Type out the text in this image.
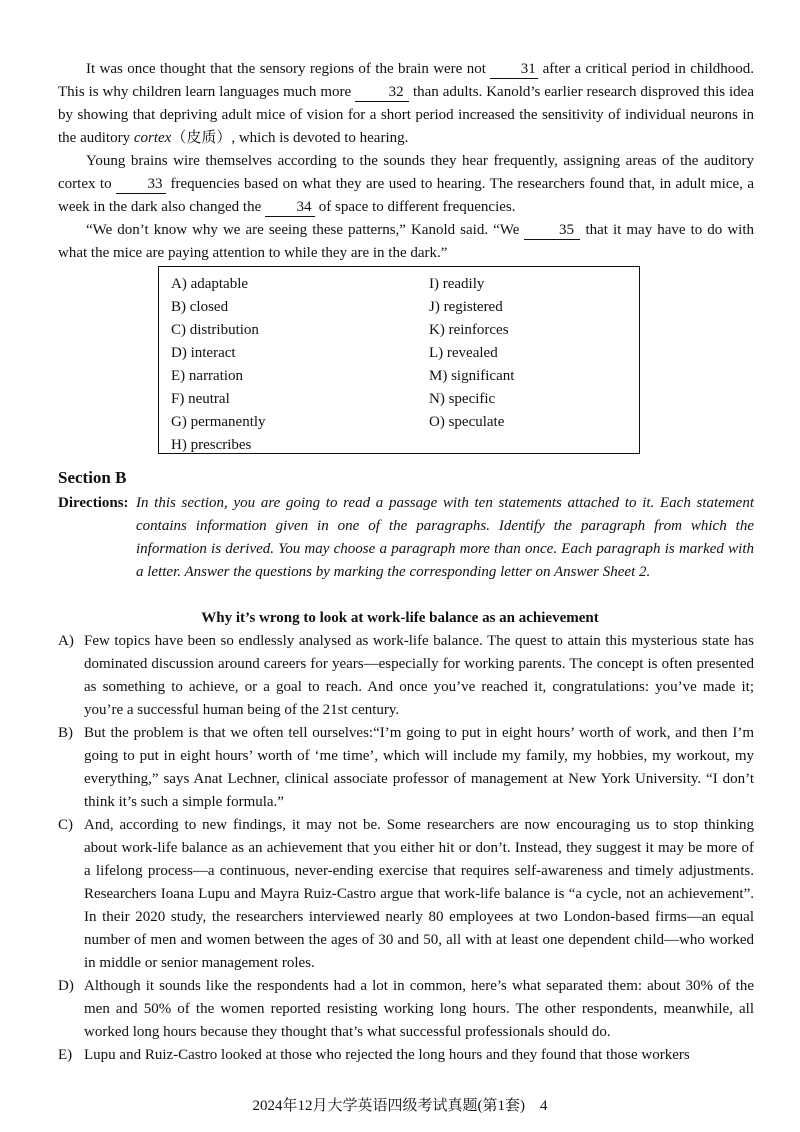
It was once thought that the sensory regions of the brain were not 31 after a critical period in childhood. This is why children learn languages much more 32 than adults. Kanold’s earlier research disproved this idea by showing that depriving adult mice of vision for a short period increased the sensitivity of individual neurons in the auditory cortex（皮质）, which is devoted to hearing.

Young brains wire themselves according to the sounds they hear frequently, assigning areas of the auditory cortex to 33 frequencies based on what they are used to hearing. The researchers found that, in adult mice, a week in the dark also changed the 34 of space to different frequencies.

“We don’t know why we are seeing these patterns,” Kanold said. “We 35 that it may have to do with what the mice are paying attention to while they are in the dark.”

A) adaptable
B) closed
C) distribution
D) interact
E) narration
F) neutral
G) permanently
H) prescribes
I) readily
J) registered
K) reinforces
L) revealed
M) significant
N) specific
O) speculate
Section B
Directions: In this section, you are going to read a passage with ten statements attached to it. Each statement contains information given in one of the paragraphs. Identify the paragraph from which the information is derived. You may choose a paragraph more than once. Each paragraph is marked with a letter. Answer the questions by marking the corresponding letter on Answer Sheet 2.
Why it’s wrong to look at work-life balance as an achievement
A) Few topics have been so endlessly analysed as work-life balance. The quest to attain this mysterious state has dominated discussion around careers for years—especially for working parents. The concept is often presented as something to achieve, or a goal to reach. And once you’ve reached it, congratulations: you’ve made it; you’re a successful human being of the 21st century.
B) But the problem is that we often tell ourselves:“I’m going to put in eight hours’ worth of work, and then I’m going to put in eight hours’ worth of ‘me time’, which will include my family, my hobbies, my workout, my everything,” says Anat Lechner, clinical associate professor of management at New York University. “I don’t think it’s such a simple formula.”
C) And, according to new findings, it may not be. Some researchers are now encouraging us to stop thinking about work-life balance as an achievement that you either hit or don’t. Instead, they suggest it may be more of a lifelong process—a continuous, never-ending exercise that requires self-awareness and timely adjustments. Researchers Ioana Lupu and Mayra Ruiz-Castro argue that work-life balance is “a cycle, not an achievement”. In their 2020 study, the researchers interviewed nearly 80 employees at two London-based firms—an equal number of men and women between the ages of 30 and 50, all with at least one dependent child—who worked in middle or senior management roles.
D) Although it sounds like the respondents had a lot in common, here’s what separated them: about 30% of the men and 50% of the women reported resisting working long hours. The other respondents, meanwhile, all worked long hours because they thought that’s what successful professionals should do.
E) Lupu and Ruiz-Castro looked at those who rejected the long hours and they found that those workers
2024年12月大学英语四级考试真题(第1套)　4
